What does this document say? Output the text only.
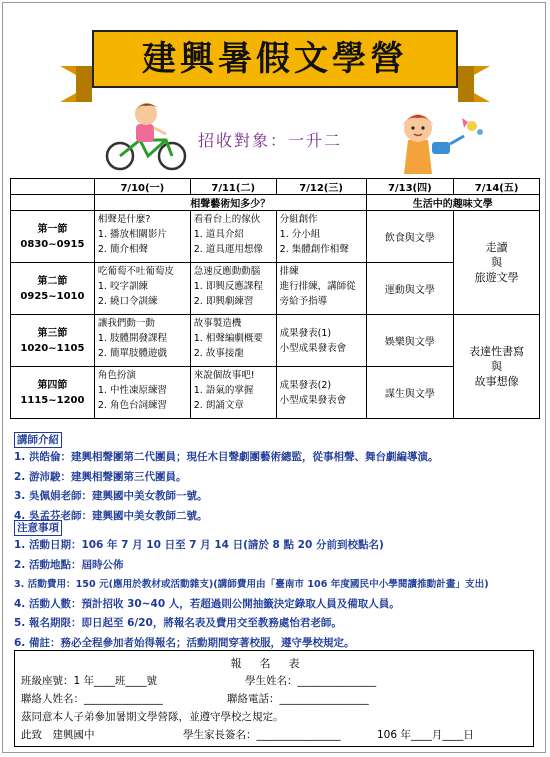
建興暑假文學營
招收對象：一升二
	7/10(一)	7/11(二)	7/12(三)	7/13(四)	7/14(五)
	相聲藝術知多少？			生活中的趣味文學	

第一節
0830~0915	相聲是什麼?
1. 播放相關影片
2. 簡介相聲	看看台上的傢伙
1. 道具介紹
2. 道具運用想像	分組創作
1. 分小組
2. 集體創作相聲	飲食與文學	走讀
與
旅遊文學

第二節
0925~1010	吃葡萄不吐葡萄皮
1. 咬字訓練
2. 繞口令訓練	急速反應動動腦
1. 即興反應課程
2. 即興劇練習	排練
進行排練，講師從
旁給予指導	運動與文學	

第三節
1020~1105	讓我們動一動
1. 肢體開發課程
2. 簡單肢體遊戲	故事製造機
1. 相聲編劇概要
2. 故事接龍	成果發表(1)
小型成果發表會	娛樂與文學	表達性書寫
與
故事想像

第四節
1115~1200	角色扮演
1. 中性凍原練習
2. 角色台詞練習	來說個故事吧!
1. 語氣的掌握
2. 朗誦文章	成果發表(2)
小型成果發表會	謀生與文學	
講師介紹
1. 洪皓倫：建興相聲團第二代團員；現任木目聲劇團藝術總監，從事相聲、舞台劇編導演。
2. 游沛駿：建興相聲團第三代團員。
3. 吳佩娟老師：建興國中美女教師一號。
4. 吳孟芬老師：建興國中美女教師二號。
注意事項
1. 活動日期：106 年 7 月 10 日至 7 月 14 日(請於 8 點 20 分前到校點名)
2. 活動地點：屆時公佈
3. 活動費用：150 元(應用於教材或活動雜支)(講師費用由「臺南市 106 年度國民中小學閱讀推動計畫」支出)
4. 活動人數：預計招收 30~40 人，若超過則公開抽籤決定錄取人員及備取人員。
5. 報名期限：即日起至 6/20，將報名表及費用交至教務處怡君老師。
6. 備註：務必全程參加者始得報名；活動期間穿著校服，遵守學校規定。
報名表
班級座號：1 年____班____號	學生姓名：_______________
聯絡人姓名：_______________	聯絡電話：_________________
茲同意本人子弟參加暑期文學營隊，並遵守學校之規定。
此致　建興國中	學生家長簽名：________________	106 年____月____日
